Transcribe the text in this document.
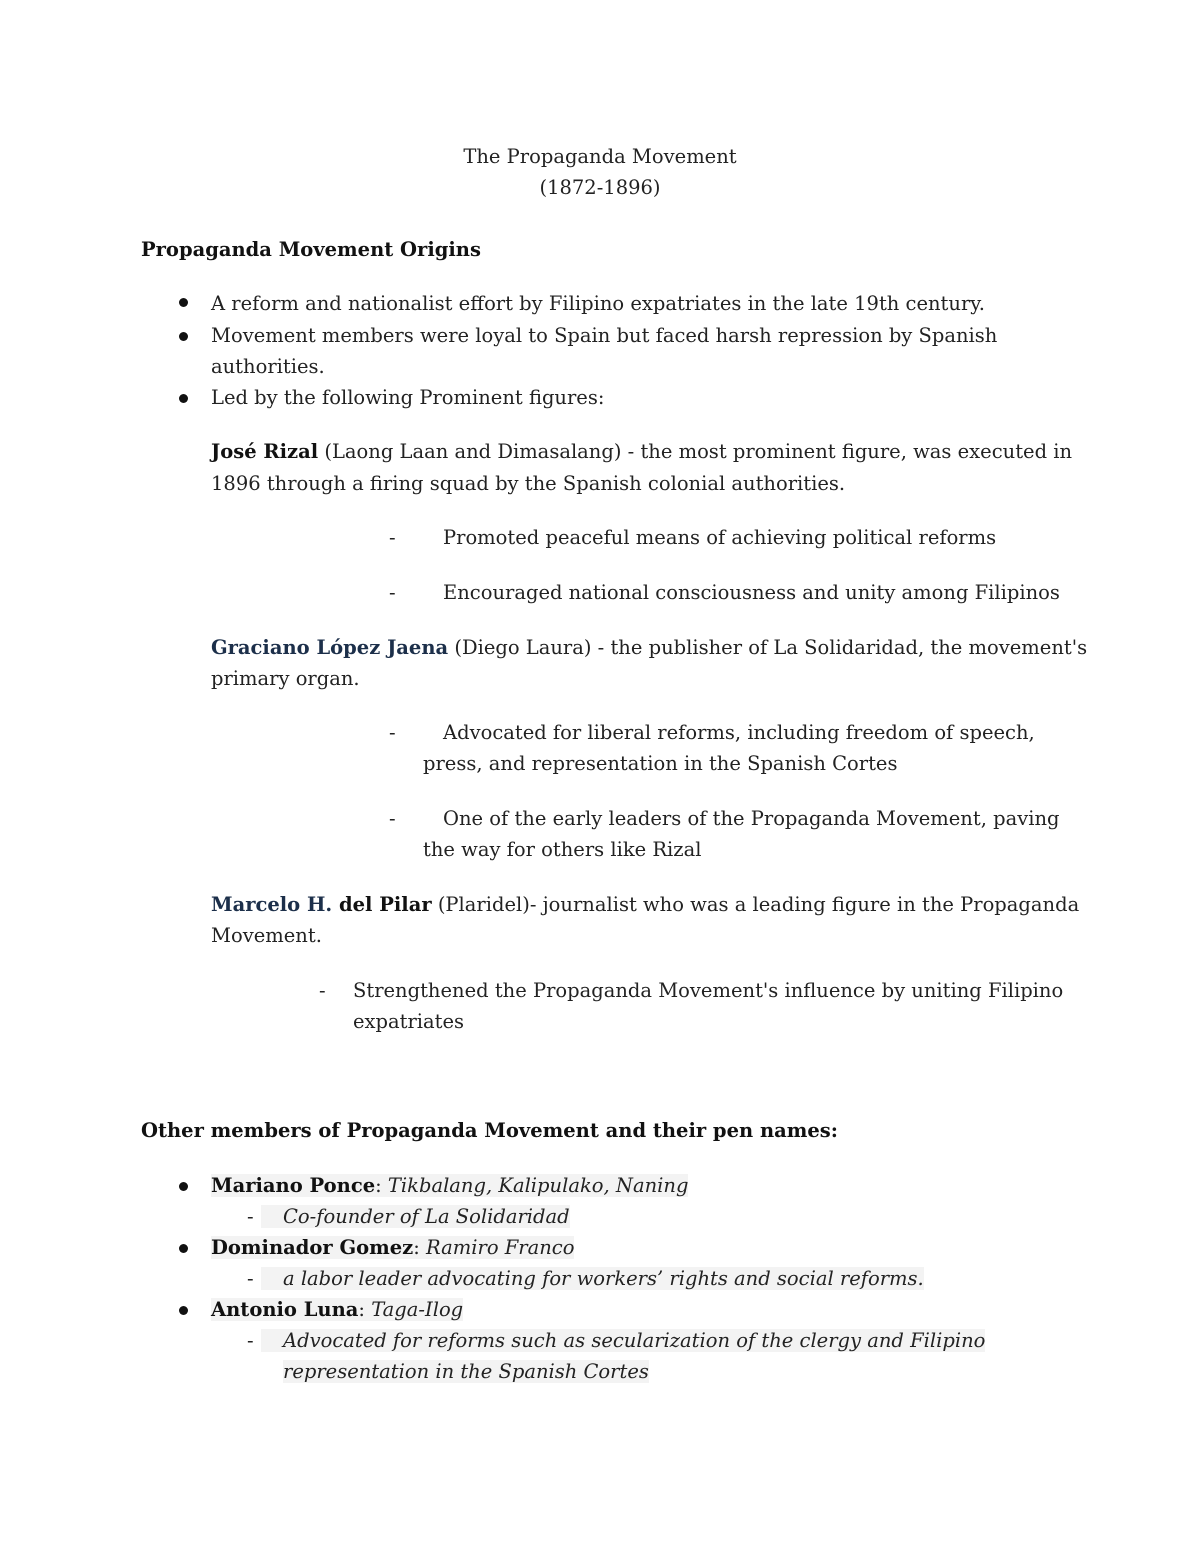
The Propaganda Movement
(1872-1896)
Propaganda Movement Origins
A reform and nationalist effort by Filipino expatriates in the late 19th century.
Movement members were loyal to Spain but faced harsh repression by Spanish
authorities.
Led by the following Prominent figures:
José Rizal (Laong Laan and Dimasalang) - the most prominent figure, was executed in
1896 through a firing squad by the Spanish colonial authorities.
- Promoted peaceful means of achieving political reforms
- Encouraged national consciousness and unity among Filipinos
Graciano López Jaena (Diego Laura) - the publisher of La Solidaridad, the movement's
primary organ.
- Advocated for liberal reforms, including freedom of speech,
press, and representation in the Spanish Cortes
- One of the early leaders of the Propaganda Movement, paving
the way for others like Rizal
Marcelo H. del Pilar (Plaridel)- journalist who was a leading figure in the Propaganda
Movement.
- Strengthened the Propaganda Movement's influence by uniting Filipino
expatriates
Other members of Propaganda Movement and their pen names:
Mariano Ponce: Tikbalang, Kalipulako, Naning
-	Co-founder of La Solidaridad
Dominador Gomez: Ramiro Franco
-	a labor leader advocating for workers’ rights and social reforms.
Antonio Luna: Taga-Ilog
-	Advocated for reforms such as secularization of the clergy and Filipino
representation in the Spanish Cortes
